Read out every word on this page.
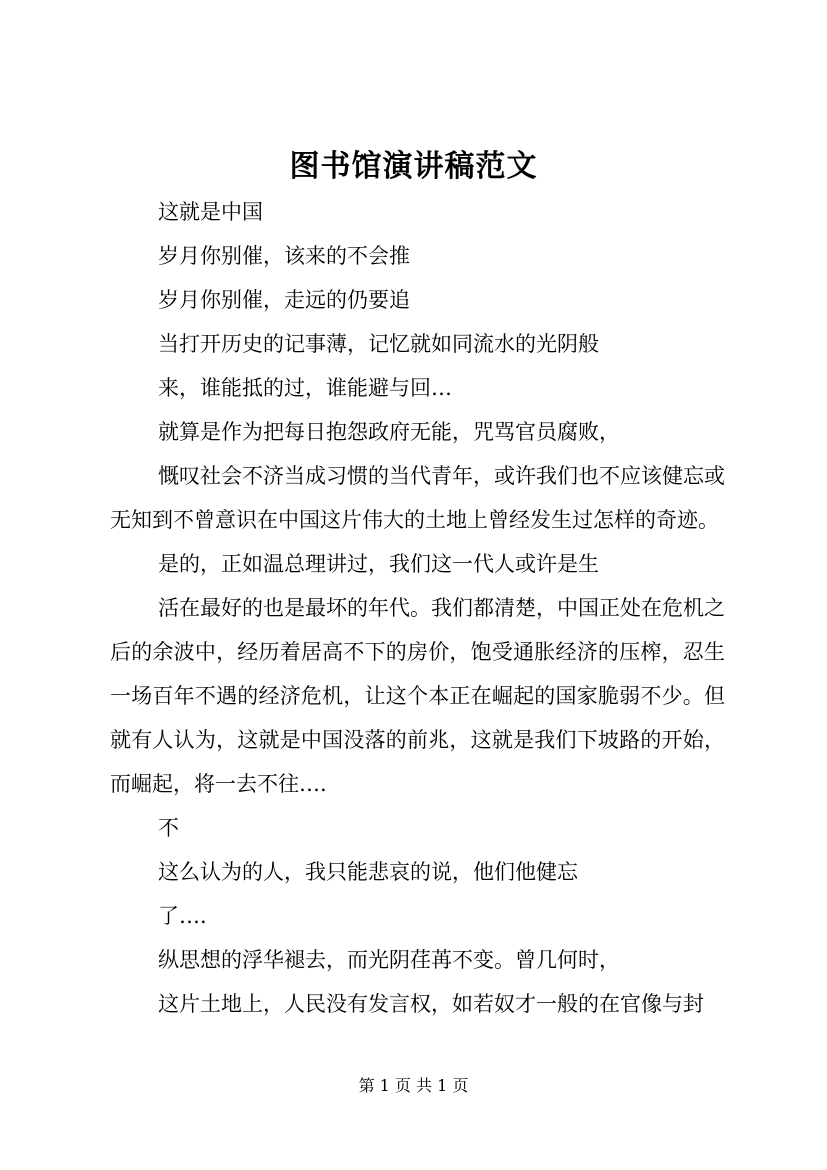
图书馆演讲稿范文

这就是中国

岁月你别催，该来的不会推

岁月你别催，走远的仍要追

当打开历史的记事薄，记忆就如同流水的光阴般

来，谁能抵的过，谁能避与回…

就算是作为把每日抱怨政府无能，咒骂官员腐败，

慨叹社会不济当成习惯的当代青年，或许我们也不应该健忘或无知到不曾意识在中国这片伟大的土地上曾经发生过怎样的奇迹。

是的，正如温总理讲过，我们这一代人或许是生

活在最好的也是最坏的年代。我们都清楚，中国正处在危机之后的余波中，经历着居高不下的房价，饱受通胀经济的压榨，忍生一场百年不遇的经济危机，让这个本正在崛起的国家脆弱不少。但就有人认为，这就是中国没落的前兆，这就是我们下坡路的开始，而崛起，将一去不往….

不

这么认为的人，我只能悲哀的说，他们他健忘

了….

纵思想的浮华褪去，而光阴荏苒不变。曾几何时，

这片土地上，人民没有发言权，如若奴才一般的在官像与封

第 1 页 共 1 页
